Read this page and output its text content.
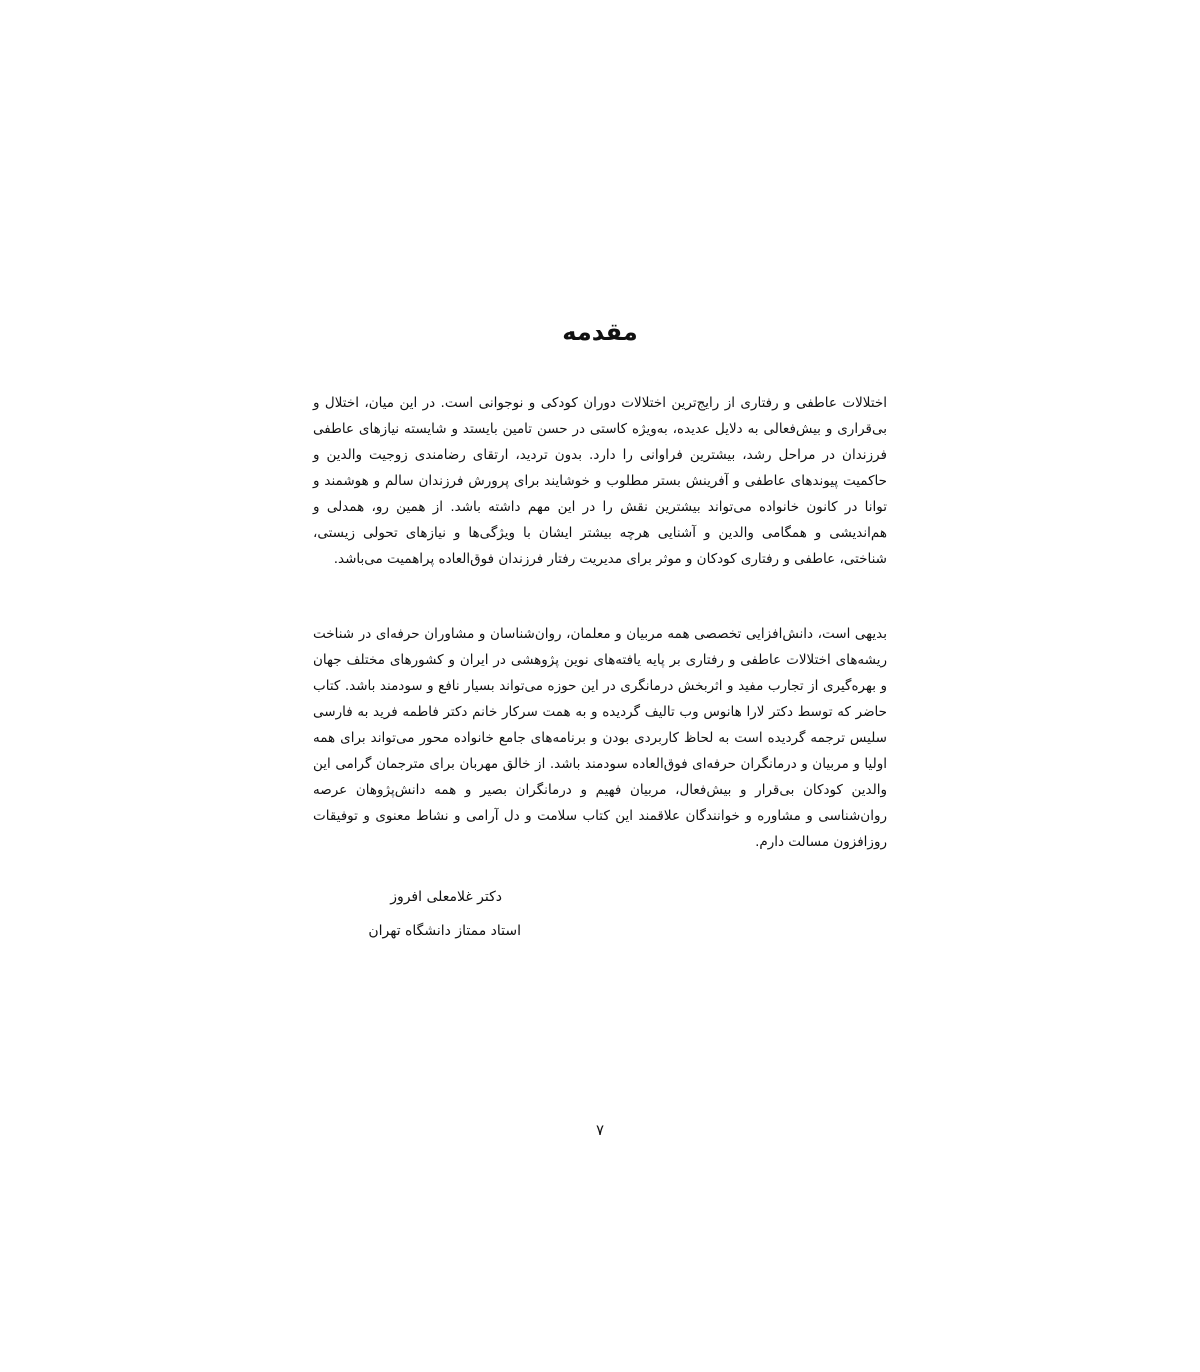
مقدمه

اختلالات عاطفی و رفتاری از رایج‌ترین اختلالات دوران کودکی و نوجوانی است. در این میان، اختلال و بی‌قراری و بیش‌فعالی به دلایل عدیده، به‌ویژه کاستی در حسن تامین بایستد و شایسته نیازهای عاطفی فرزندان در مراحل رشد، بیشترین فراوانی را دارد. بدون تردید، ارتقای رضامندی زوجیت والدین و حاکمیت پیوندهای عاطفی و آفرینش بستر مطلوب و خوشایند برای پرورش فرزندان سالم و هوشمند و توانا در کانون خانواده می‌تواند بیشترین نقش را در این مهم داشته باشد. از همین رو، همدلی و هم‌اندیشی و همگامی والدین و آشنایی هرچه بیشتر ایشان با ویژگی‌ها و نیازهای تحولی زیستی، شناختی، عاطفی و رفتاری کودکان و موثر برای مدیریت رفتار فرزندان فوق‌العاده پراهمیت می‌باشد.

بدیهی است، دانش‌افزایی تخصصی همه مربیان و معلمان، روان‌شناسان و مشاوران حرفه‌ای در شناخت ریشه‌های اختلالات عاطفی و رفتاری بر پایه یافته‌های نوین پژوهشی در ایران و کشورهای مختلف جهان و بهره‌گیری از تجارب مفید و اثربخش درمانگری در این حوزه می‌تواند بسیار نافع و سودمند باشد. کتاب حاضر که توسط دکتر لارا هانوس وب تالیف گردیده و به همت سرکار خانم دکتر فاطمه فرید به فارسی سلیس ترجمه گردیده است به لحاظ کاربردی بودن و برنامه‌های جامع خانواده محور می‌تواند برای همه اولیا و مربیان و درمانگران حرفه‌ای فوق‌العاده سودمند باشد. از خالق مهربان برای مترجمان گرامی این والدین کودکان بی‌قرار و بیش‌فعال، مربیان فهیم و درمانگران بصیر و همه دانش‌پژوهان عرصه روان‌شناسی و مشاوره و خوانندگان علاقمند این کتاب سلامت و دل آرامی و نشاط معنوی و توفیقات روزافزون مسالت دارم.

دکتر غلامعلی افروز

استاد ممتاز دانشگاه تهران

۷
